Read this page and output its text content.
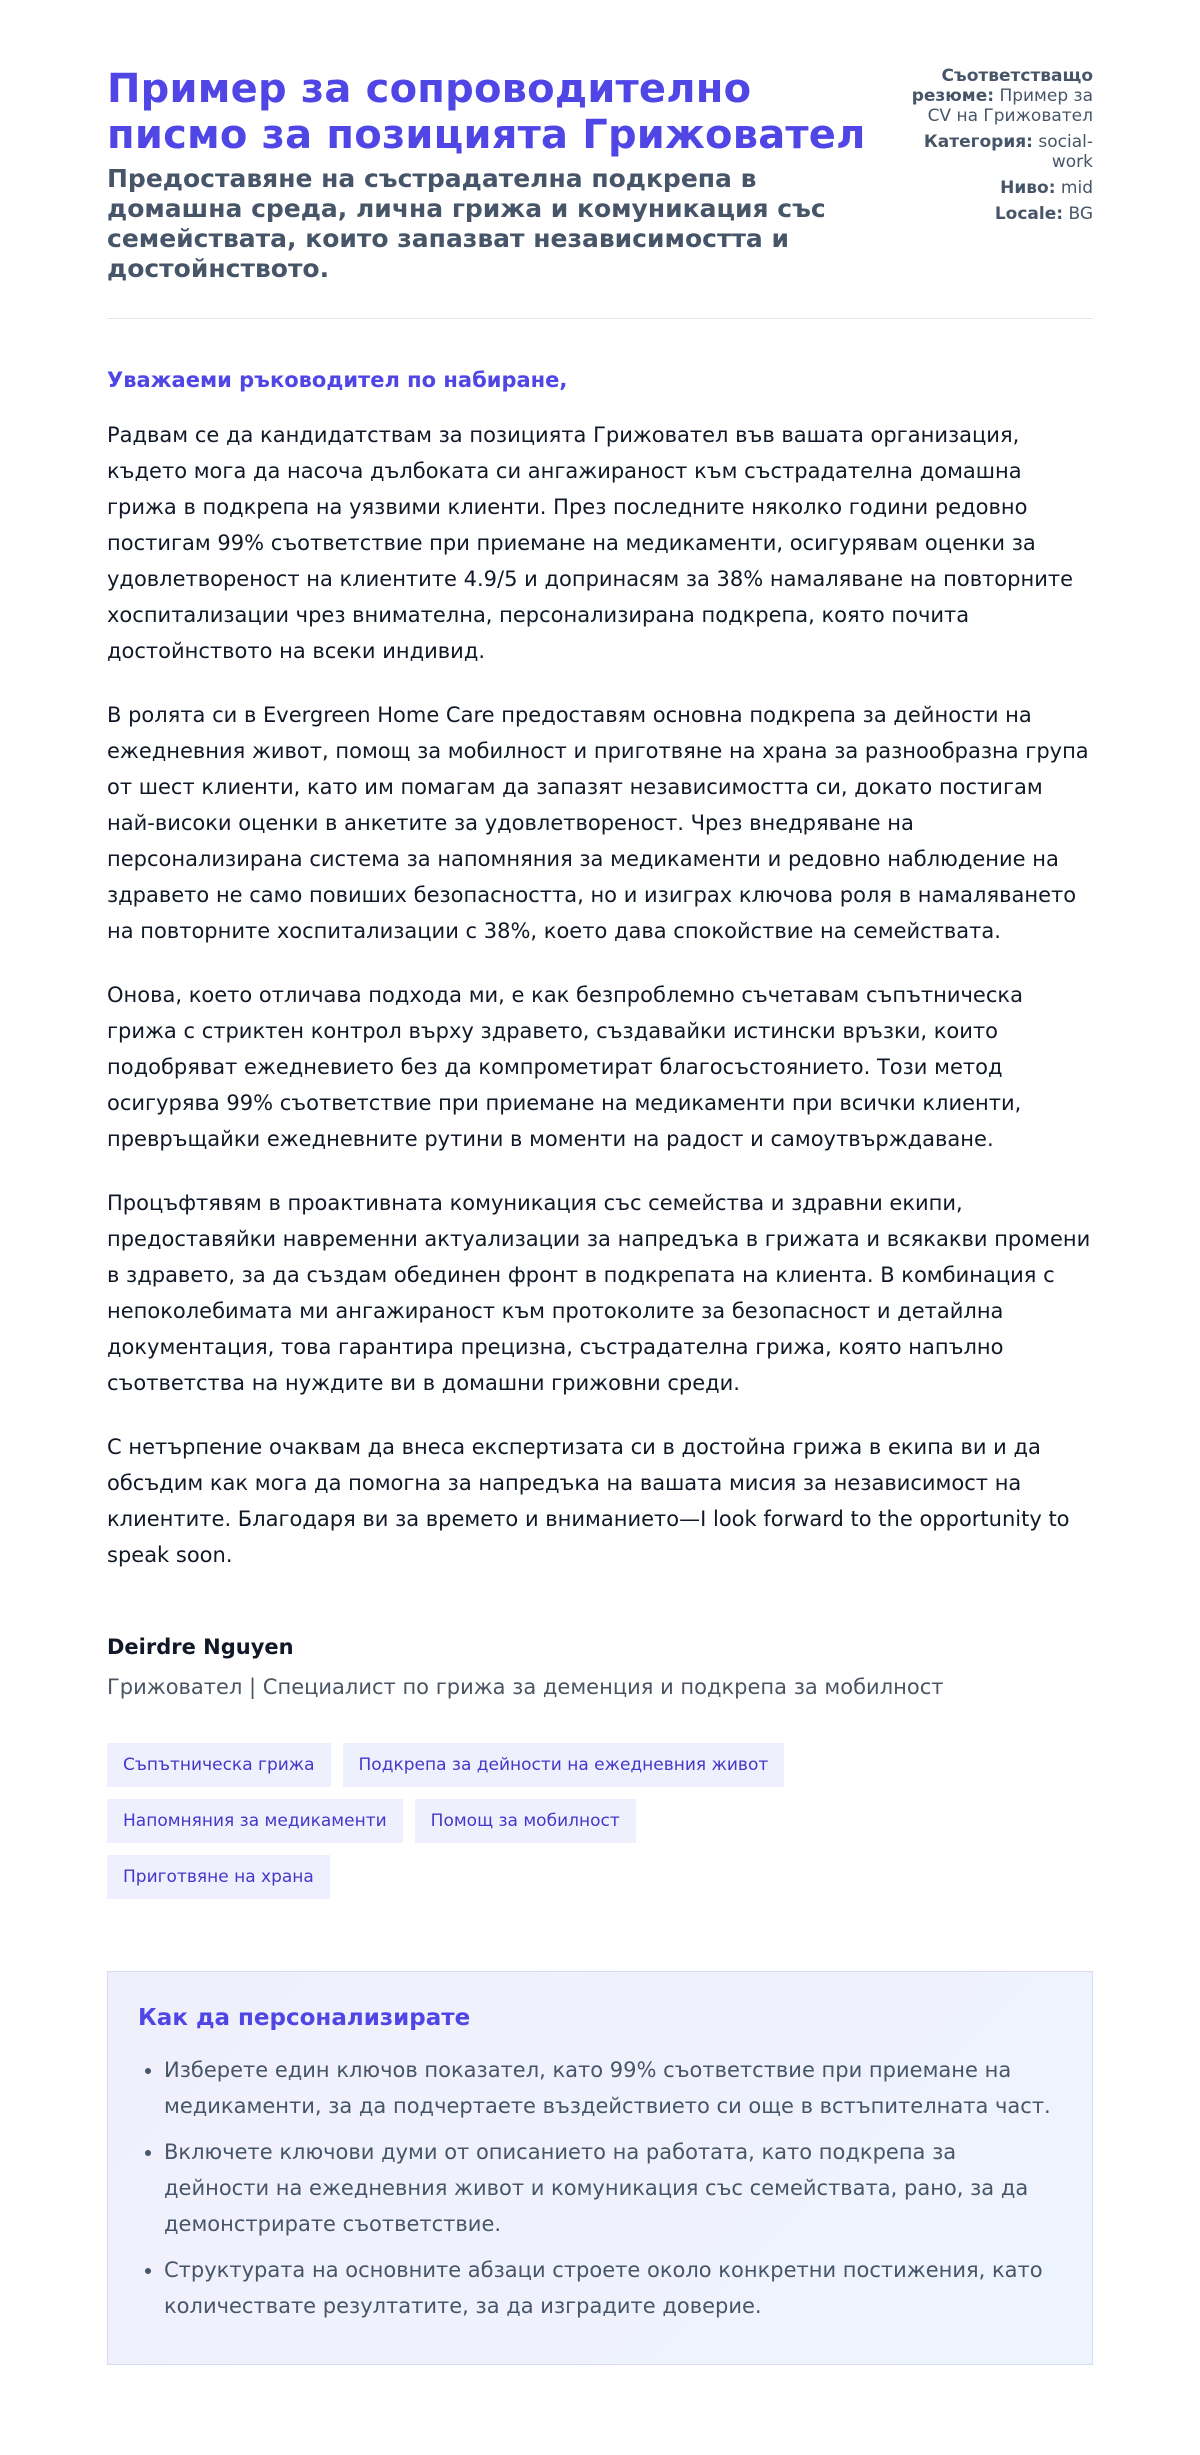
Пример за сопроводително писмо за позицията Грижовател
Предоставяне на състрадателна подкрепа в домашна среда, лична грижа и комуникация със семействата, които запазват независимостта и достойнството.
Съответстващо резюме: Пример за CV на Грижовател
Категория: social-work
Ниво: mid
Locale: BG
Уважаеми ръководител по набиране,

Радвам се да кандидатствам за позицията Грижовател във вашата организация, където мога да насоча дълбоката си ангажираност към състрадателна домашна грижа в подкрепа на уязвими клиенти. През последните няколко години редовно постигам 99% съответствие при приемане на медикаменти, осигурявам оценки за удовлетвореност на клиентите 4.9/5 и допринасям за 38% намаляване на повторните хоспитализации чрез внимателна, персонализирана подкрепа, която почита достойнството на всеки индивид.

В ролята си в Evergreen Home Care предоставям основна подкрепа за дейности на ежедневния живот, помощ за мобилност и приготвяне на храна за разнообразна група от шест клиенти, като им помагам да запазят независимостта си, докато постигам най-високи оценки в анкетите за удовлетвореност. Чрез внедряване на персонализирана система за напомняния за медикаменти и редовно наблюдение на здравето не само повиших безопасността, но и изиграх ключова роля в намаляването на повторните хоспитализации с 38%, което дава спокойствие на семействата.

Онова, което отличава подхода ми, е как безпроблемно съчетавам съпътническа грижа с стриктен контрол върху здравето, създавайки истински връзки, които подобряват ежедневието без да компрометират благосъстоянието. Този метод осигурява 99% съответствие при приемане на медикаменти при всички клиенти, превръщайки ежедневните рутини в моменти на радост и самоутвърждаване.

Процъфтявям в проактивната комуникация със семейства и здравни екипи, предоставяйки навременни актуализации за напредъка в грижата и всякакви промени в здравето, за да създам обединен фронт в подкрепата на клиента. В комбинация с непоколебимата ми ангажираност към протоколите за безопасност и детайлна документация, това гарантира прецизна, състрадателна грижа, която напълно съответства на нуждите ви в домашни грижовни среди.

С нетърпение очаквам да внеса експертизата си в достойна грижа в екипа ви и да обсъдим как мога да помогна за напредъка на вашата мисия за независимост на клиентите. Благодаря ви за времето и вниманието—I look forward to the opportunity to speak soon.

Deirdre Nguyen
Грижовател | Специалист по грижа за деменция и подкрепа за мобилност
Съпътническа грижа	Подкрепа за дейности на ежедневния живот
Напомняния за медикаменти	Помощ за мобилност
Приготвяне на храна
Как да персонализирате
• Изберете един ключов показател, като 99% съответствие при приемане на медикаменти, за да подчертаете въздействието си още в встъпителната част.
• Включете ключови думи от описанието на работата, като подкрепа за дейности на ежедневния живот и комуникация със семействата, рано, за да демонстрирате съответствие.
• Структурата на основните абзаци строете около конкретни постижения, като количествате резултатите, за да изградите доверие.
